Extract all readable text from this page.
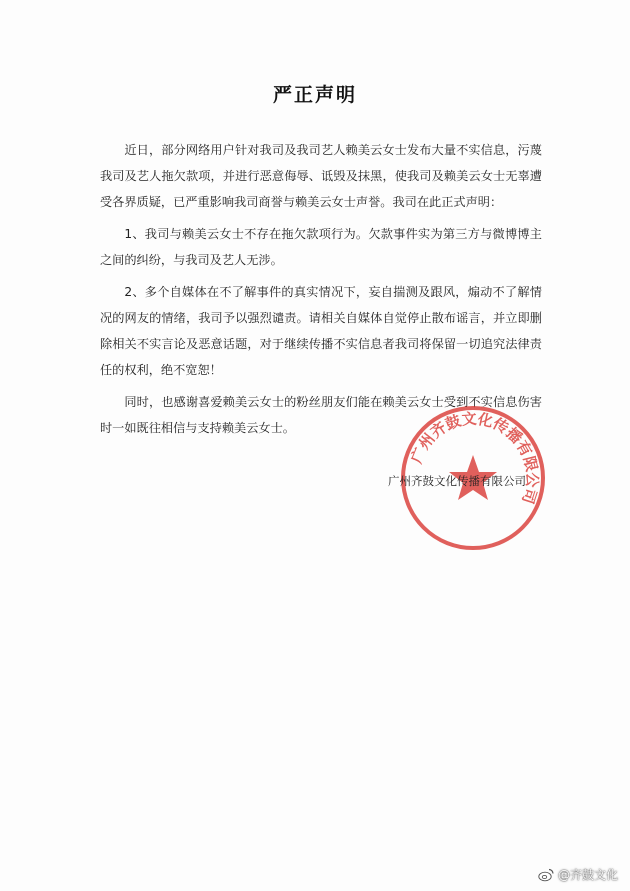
严正声明

近日，部分网络用户针对我司及我司艺人赖美云女士发布大量不实信息，污蔑我司及艺人拖欠款项，并进行恶意侮辱、诋毁及抹黑，使我司及赖美云女士无辜遭受各界质疑，已严重影响我司商誉与赖美云女士声誉。我司在此正式声明：

1、我司与赖美云女士不存在拖欠款项行为。欠款事件实为第三方与微博博主之间的纠纷，与我司及艺人无涉。

2、多个自媒体在不了解事件的真实情况下，妄自揣测及跟风，煽动不了解情况的网友的情绪，我司予以强烈谴责。请相关自媒体自觉停止散布谣言，并立即删除相关不实言论及恶意话题，对于继续传播不实信息者我司将保留一切追究法律责任的权利，绝不宽恕！

同时，也感谢喜爱赖美云女士的粉丝朋友们能在赖美云女士受到不实信息伤害时一如既往相信与支持赖美云女士。

广州齐鼓文化传播有限公司
广州齐鼓文化传播有限公司
@齐鼓文化
